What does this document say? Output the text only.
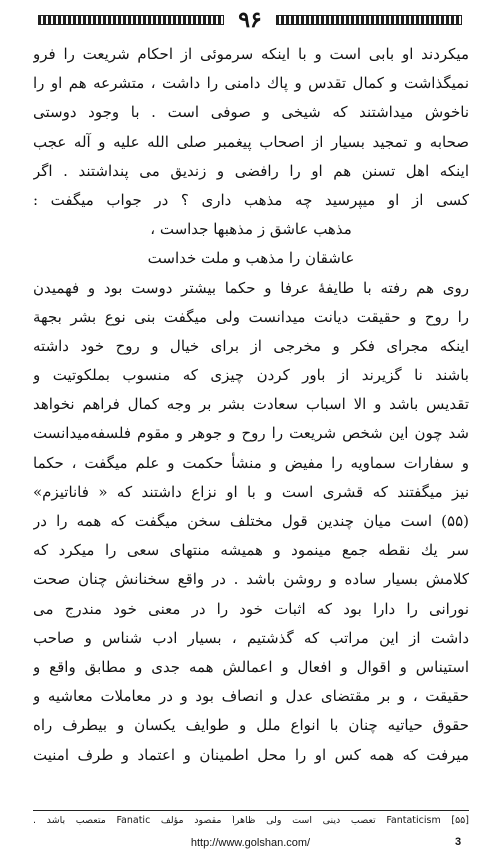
۹۶
میکردند او بابی است و با اینکه سرموئی از احکام شریعت را فرو
نمیگذاشت و کمال تقدس و پاك دامنی را داشت ، متشرعه هم او را
ناخوش میداشتند که شیخی و صوفی است . با وجود دوستی
صحابه و تمجید بسیار از اصحاب پیغمبر صلی الله علیه و آله عجب
اینکه اهل تسنن هم او را رافضی و زندیق می پنداشتند . اگر
کسی از او میپرسید چه مذهب داری ؟ در جواب میگفت :
مذهب عاشق ز مذهبها جداست ،
عاشقان را مذهب و ملت خداست
روی هم رفته با طایفهٔ عرفا و حکما بیشتر دوست بود و فهمیدن
را روح و حقیقت دیانت میدانست ولی میگفت بنی نوع بشر بجهة
اینکه مجرای فکر و مخرجی از برای خیال و روح خود داشته
باشند نا گزیرند از باور کردن چیزی که منسوب بملکوتیت و
تقدیس باشد و الا اسباب سعادت بشر بر وجه کمال فراهم نخواهد
شد چون این شخص شریعت را روح و جوهر و مقوم فلسفه‌میدانست
و سفارات سماویه را مفیض و منشأ حکمت و علم میگفت ، حکما
نیز میگفتند که قشری است و با او نزاع داشتند که « فاناتیزم»
(۵۵) است میان چندین قول مختلف سخن میگفت که همه را در
سر یك نقطه جمع مینمود و همیشه منتهای سعی را میکرد که
کلامش بسیار ساده و روشن باشد . در واقع سخنانش چنان صحت
نورانی را دارا بود که اثبات خود را در معنی خود مندرج می
داشت از این مراتب که گذشتیم ، بسیار ادب شناس و صاحب
استیناس و اقوال و افعال و اعمالش همه جدی و مطابق واقع و
حقیقت ، و بر مقتضای عدل و انصاف بود و در معاملات معاشیه و
حقوق حیاتیه چنان با انواع ملل و طوایف یکسان و بیطرف راه
میرفت که همه کس او را محل اطمینان و اعتماد و طرف امنیت
[۵۵] Fantaticism تعصب دینی است ولی ظاهراً مقصود مؤلف Fanatic متعصب باشد .
http://www.golshan.com/	3
